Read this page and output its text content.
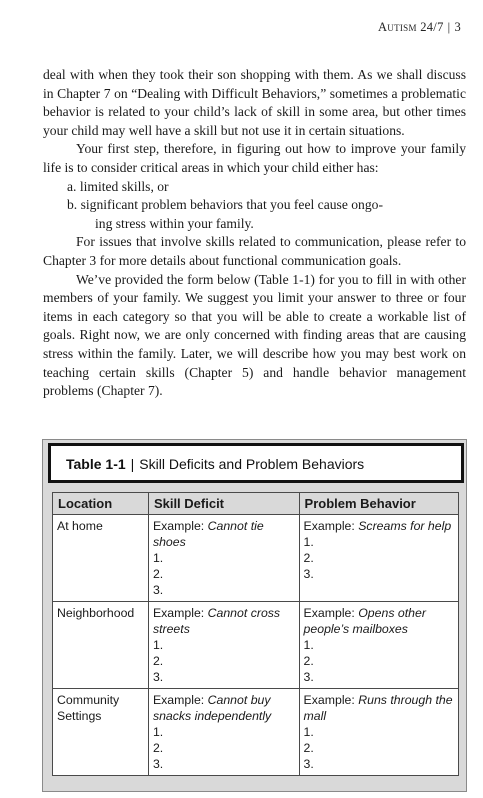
Autism 24/7 | 3

deal with when they took their son shopping with them. As we shall discuss in Chapter 7 on “Dealing with Difficult Behaviors,” sometimes a problematic behavior is related to your child’s lack of skill in some area, but other times your child may well have a skill but not use it in certain situations.

Your first step, therefore, in figuring out how to improve your family life is to consider critical areas in which your child either has:

a. limited skills, or
b. significant problem behaviors that you feel cause ongo-
ing stress within your family.

For issues that involve skills related to communication, please refer to Chapter 3 for more details about functional communication goals.

We’ve provided the form below (Table 1-1) for you to fill in with other members of your family. We suggest you limit your answer to three or four items in each category so that you will be able to create a workable list of goals. Right now, we are only concerned with finding areas that are causing stress within the family. Later, we will describe how you may best work on teaching certain skills (Chapter 5) and handle behavior management problems (Chapter 7).

Table 1-1 | Skill Deficits and Problem Behaviors
Location	Skill Deficit	Problem Behavior
At home	Example: Cannot tie shoes
1.
2.
3.	Example: Screams for help
1.
2.
3.

Neighborhood	Example: Cannot cross streets
1.
2.
3.	Example: Opens other people’s mailboxes
1.
2.
3.

Community Settings	Example: Cannot buy snacks independently
1.
2.
3.	Example: Runs through the mall
1.
2.
3.
